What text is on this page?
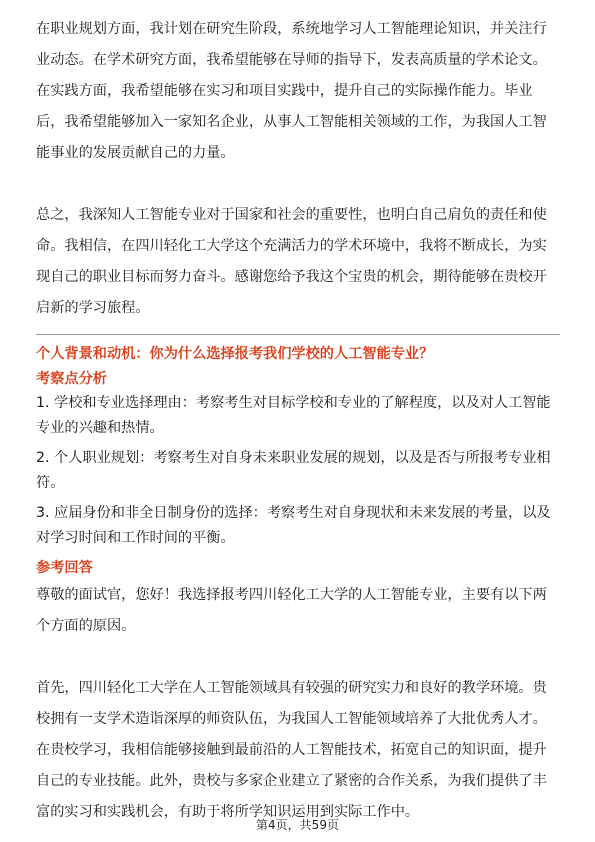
在职业规划方面，我计划在研究生阶段，系统地学习人工智能理论知识，并关注行业动态。在学术研究方面，我希望能够在导师的指导下，发表高质量的学术论文。在实践方面，我希望能够在实习和项目实践中，提升自己的实际操作能力。毕业后，我希望能够加入一家知名企业，从事人工智能相关领域的工作，为我国人工智能事业的发展贡献自己的力量。

总之，我深知人工智能专业对于国家和社会的重要性，也明白自己肩负的责任和使命。我相信，在四川轻化工大学这个充满活力的学术环境中，我将不断成长，为实现自己的职业目标而努力奋斗。感谢您给予我这个宝贵的机会，期待能够在贵校开启新的学习旅程。

个人背景和动机：你为什么选择报考我们学校的人工智能专业？

考察点分析

1. 学校和专业选择理由：考察考生对目标学校和专业的了解程度，以及对人工智能专业的兴趣和热情。

2. 个人职业规划：考察考生对自身未来职业发展的规划，以及是否与所报考专业相符。

3. 应届身份和非全日制身份的选择：考察考生对自身现状和未来发展的考量，以及对学习时间和工作时间的平衡。

参考回答

尊敬的面试官，您好！我选择报考四川轻化工大学的人工智能专业，主要有以下两个方面的原因。

首先，四川轻化工大学在人工智能领域具有较强的研究实力和良好的教学环境。贵校拥有一支学术造诣深厚的师资队伍，为我国人工智能领域培养了大批优秀人才。在贵校学习，我相信能够接触到最前沿的人工智能技术，拓宽自己的知识面，提升自己的专业技能。此外，贵校与多家企业建立了紧密的合作关系，为我们提供了丰富的实习和实践机会，有助于将所学知识运用到实际工作中。

第4页，共59页
